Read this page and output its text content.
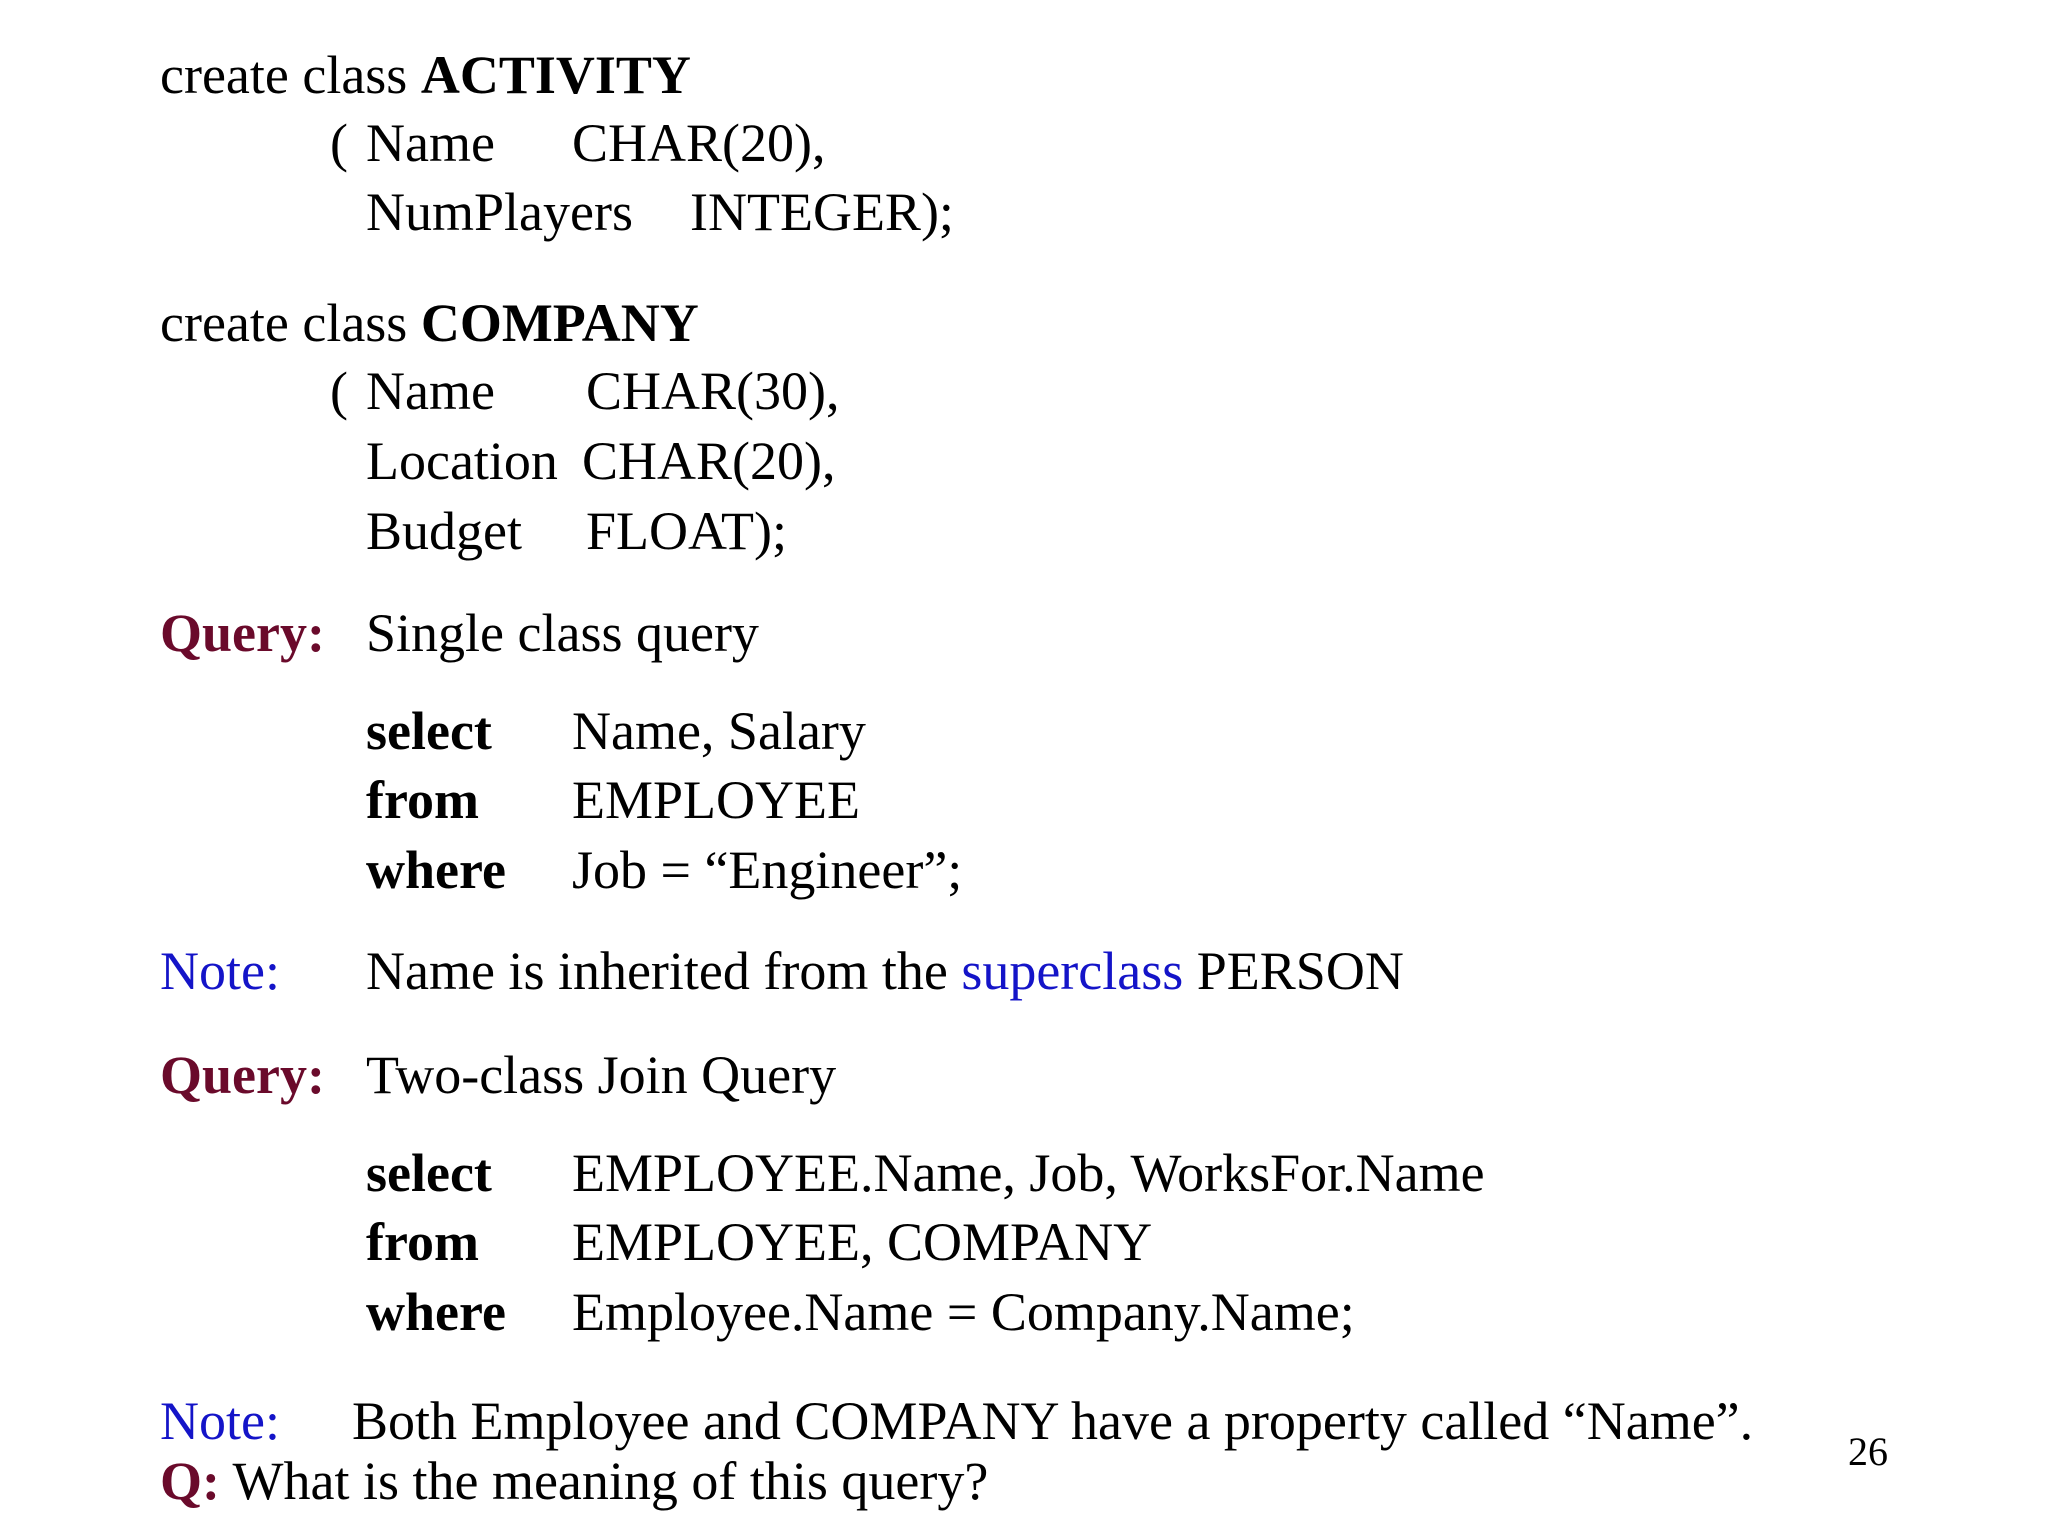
create class ACTIVITY
( Name CHAR(20),
NumPlayers INTEGER);
create class COMPANY
( Name CHAR(30),
Location CHAR(20),
Budget FLOAT);
Query: Single class query
select Name, Salary
from EMPLOYEE
where Job = “Engineer”;
Note: Name is inherited from the superclass PERSON
Query: Two-class Join Query
select EMPLOYEE.Name, Job, WorksFor.Name
from EMPLOYEE, COMPANY
where Employee.Name = Company.Name;
Note: Both Employee and COMPANY have a property called “Name”.
Q: What is the meaning of this query?	26
